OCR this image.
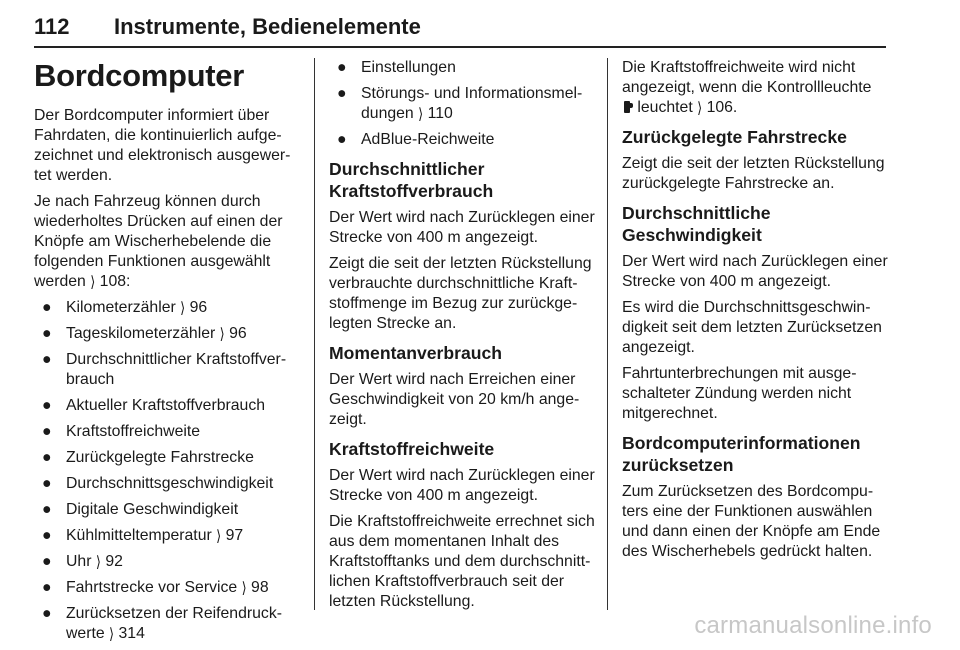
112 Instrumente, Bedienelemente
Bordcomputer

Der Bordcomputer informiert über Fahrdaten, die kontinuierlich aufgezeichnet und elektronisch ausgewertet werden.

Je nach Fahrzeug können durch wiederholtes Drücken auf einen der Knöpfe am Wischerhebelende die folgenden Funktionen ausgewählt werden ⟩ 108:

● Kilometerzähler ⟩ 96
● Tageskilometerzähler ⟩ 96
● Durchschnittlicher Kraftstoffverbrauch
● Aktueller Kraftstoffverbrauch
● Kraftstoffreichweite
● Zurückgelegte Fahrstrecke
● Durchschnittsgeschwindigkeit
● Digitale Geschwindigkeit
● Kühlmitteltemperatur ⟩ 97
● Uhr ⟩ 92
● Fahrtstrecke vor Service ⟩ 98
● Zurücksetzen der Reifendruckwerte ⟩ 314
● Einstellungen
● Störungs- und Informationsmeldungen ⟩ 110
● AdBlue-Reichweite
Durchschnittlicher Kraftstoffverbrauch

Der Wert wird nach Zurücklegen einer Strecke von 400 m angezeigt.

Zeigt die seit der letzten Rückstellung verbrauchte durchschnittliche Kraftstoffmenge im Bezug zur zurückgelegten Strecke an.

Momentanverbrauch

Der Wert wird nach Erreichen einer Geschwindigkeit von 20 km/h angezeigt.

Kraftstoffreichweite

Der Wert wird nach Zurücklegen einer Strecke von 400 m angezeigt.

Die Kraftstoffreichweite errechnet sich aus dem momentanen Inhalt des Kraftstofftanks und dem durchschnittlichen Kraftstoffverbrauch seit der letzten Rückstellung.

Die Kraftstoffreichweite wird nicht angezeigt, wenn die Kontrollleuchte

leuchtet ⟩ 106.

Zurückgelegte Fahrstrecke

Zeigt die seit der letzten Rückstellung zurückgelegte Fahrstrecke an.

Durchschnittliche Geschwindigkeit

Der Wert wird nach Zurücklegen einer Strecke von 400 m angezeigt.

Es wird die Durchschnittsgeschwindigkeit seit dem letzten Zurücksetzen angezeigt.

Fahrtunterbrechungen mit ausgeschalteter Zündung werden nicht mitgerechnet.

Bordcomputerinformationen zurücksetzen

Zum Zurücksetzen des Bordcomputers eine der Funktionen auswählen und dann einen der Knöpfe am Ende des Wischerhebels gedrückt halten.

carmanualsonline.info
